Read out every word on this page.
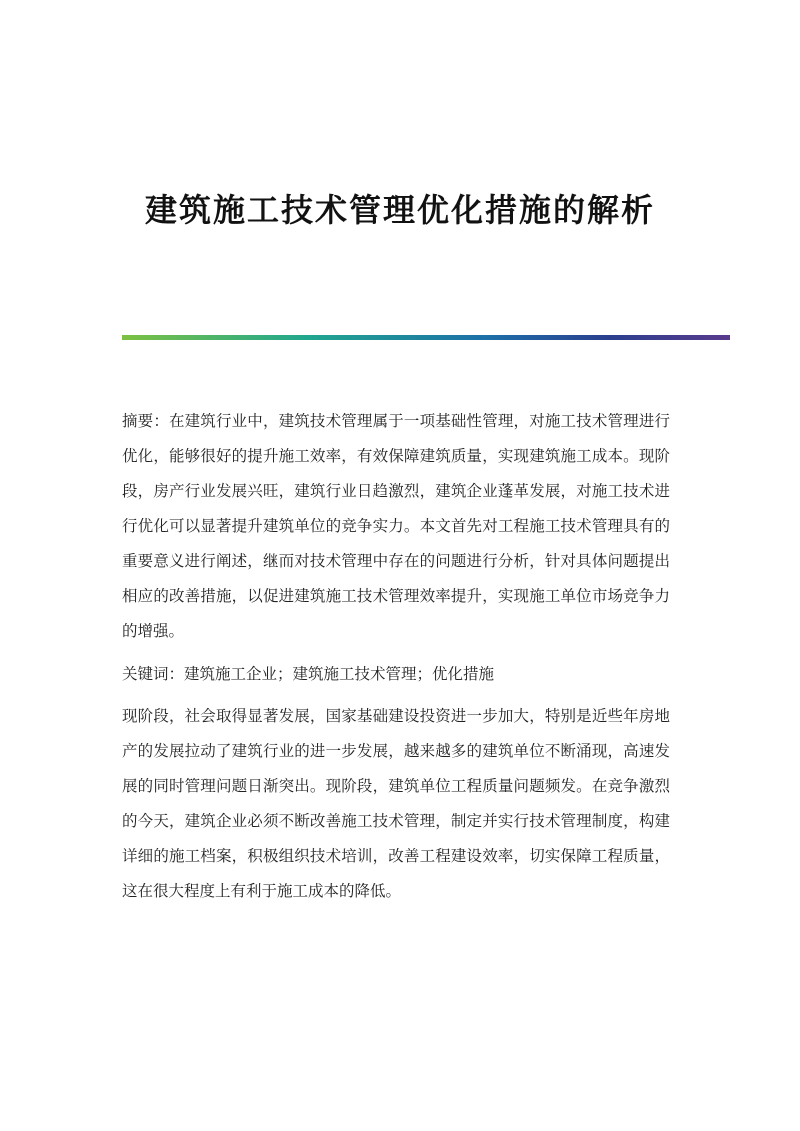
建筑施工技术管理优化措施的解析

摘要：在建筑行业中，建筑技术管理属于一项基础性管理，对施工技术管理进行优化，能够很好的提升施工效率，有效保障建筑质量，实现建筑施工成本。现阶段，房产行业发展兴旺，建筑行业日趋激烈，建筑企业蓬革发展，对施工技术进行优化可以显著提升建筑单位的竞争实力。本文首先对工程施工技术管理具有的重要意义进行阐述，继而对技术管理中存在的问题进行分析，针对具体问题提出相应的改善措施，以促进建筑施工技术管理效率提升，实现施工单位市场竞争力的增强。

关键词：建筑施工企业；建筑施工技术管理；优化措施

现阶段，社会取得显著发展，国家基础建设投资进一步加大，特别是近些年房地产的发展拉动了建筑行业的进一步发展，越来越多的建筑单位不断涌现，高速发展的同时管理问题日渐突出。现阶段，建筑单位工程质量问题频发。在竞争激烈的今天，建筑企业必须不断改善施工技术管理，制定并实行技术管理制度，构建详细的施工档案，积极组织技术培训，改善工程建设效率，切实保障工程质量，这在很大程度上有利于施工成本的降低。
